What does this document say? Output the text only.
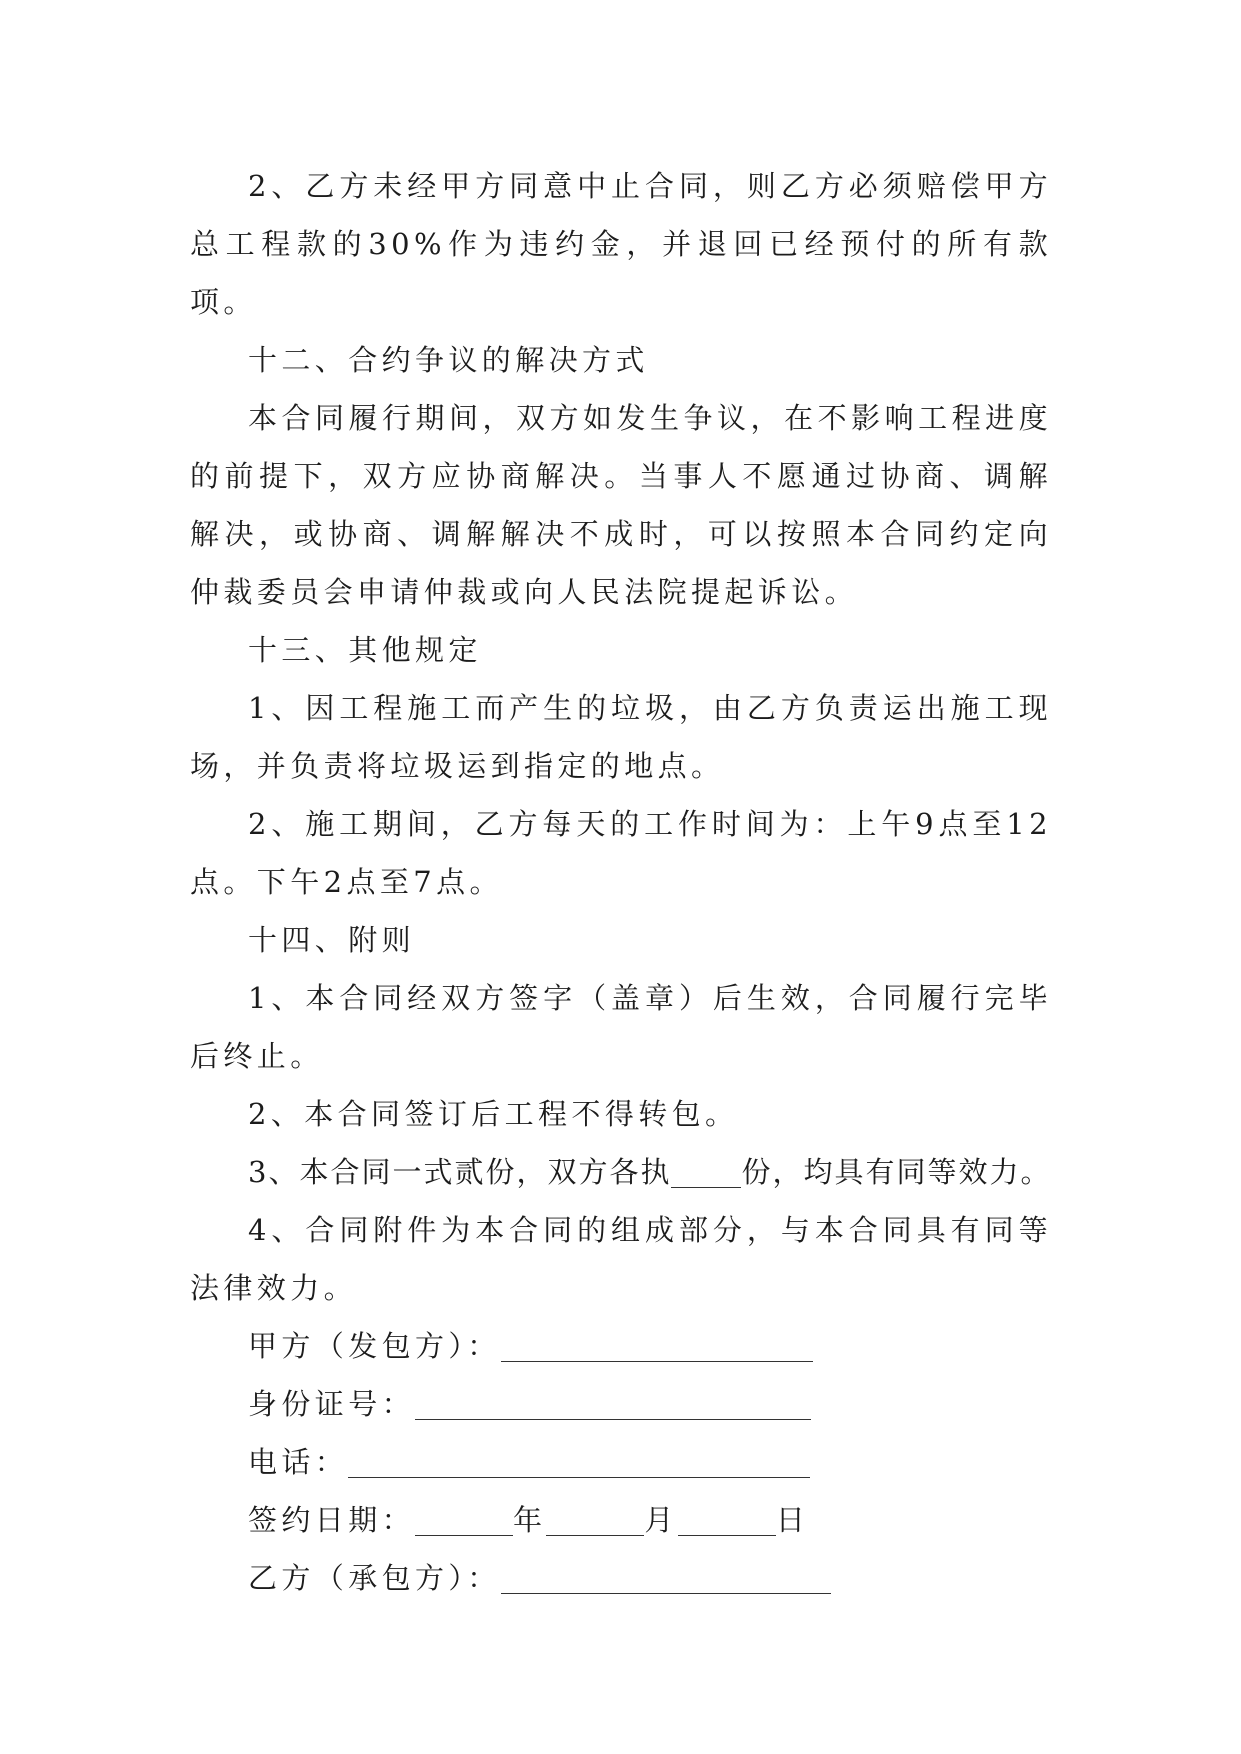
2、乙方未经甲方同意中止合同，则乙方必须赔偿甲方总工程款的30%作为违约金，并退回已经预付的所有款项。

十二、合约争议的解决方式

本合同履行期间，双方如发生争议，在不影响工程进度的前提下，双方应协商解决。当事人不愿通过协商、调解解决，或协商、调解解决不成时，可以按照本合同约定向仲裁委员会申请仲裁或向人民法院提起诉讼。

十三、其他规定

1、因工程施工而产生的垃圾，由乙方负责运出施工现场，并负责将垃圾运到指定的地点。

2、施工期间，乙方每天的工作时间为：上午9点至12点。下午2点至7点。

十四、附则

1、本合同经双方签字（盖章）后生效，合同履行完毕后终止。

2、本合同签订后工程不得转包。

3、本合同一式贰份，双方各执 份，均具有同等效力。

4、合同附件为本合同的组成部分，与本合同具有同等法律效力。

甲方（发包方）：

身份证号：

电话：

签约日期：	年	月	日

乙方（承包方）：
